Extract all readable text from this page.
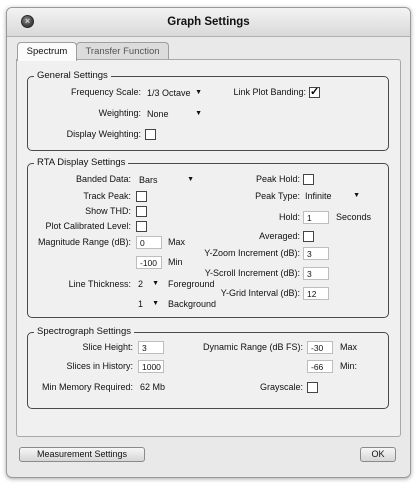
×	Graph Settings
Spectrum	Transfer Function
General Settings
Frequency Scale: 1/3 Octave ▼
Weighting: None	▼
Display Weighting:
Link Plot Banding:
✓
RTA Display Settings
Banded Data: Bars	▼
Track Peak:
Show THD:
Plot Calibrated Level:
Magnitude Range (dB):	0	Max
-100	Min
Line Thickness: 2 ▼ Foreground
1 ▼ Background
Peak Hold:
Peak Type: Infinite	▼
Hold: 1	Seconds
Averaged:
Y-Zoom Increment (dB): 3
Y-Scroll Increment (dB): 3
Y-Grid Interval (dB): 12
Spectrograph Settings
Slice Height:	3
Slices in History:	1000
Min Memory Required: 62 Mb
Dynamic Range (dB FS): -30	Max
-66	Min:
Grayscale:
Measurement Settings	OK
